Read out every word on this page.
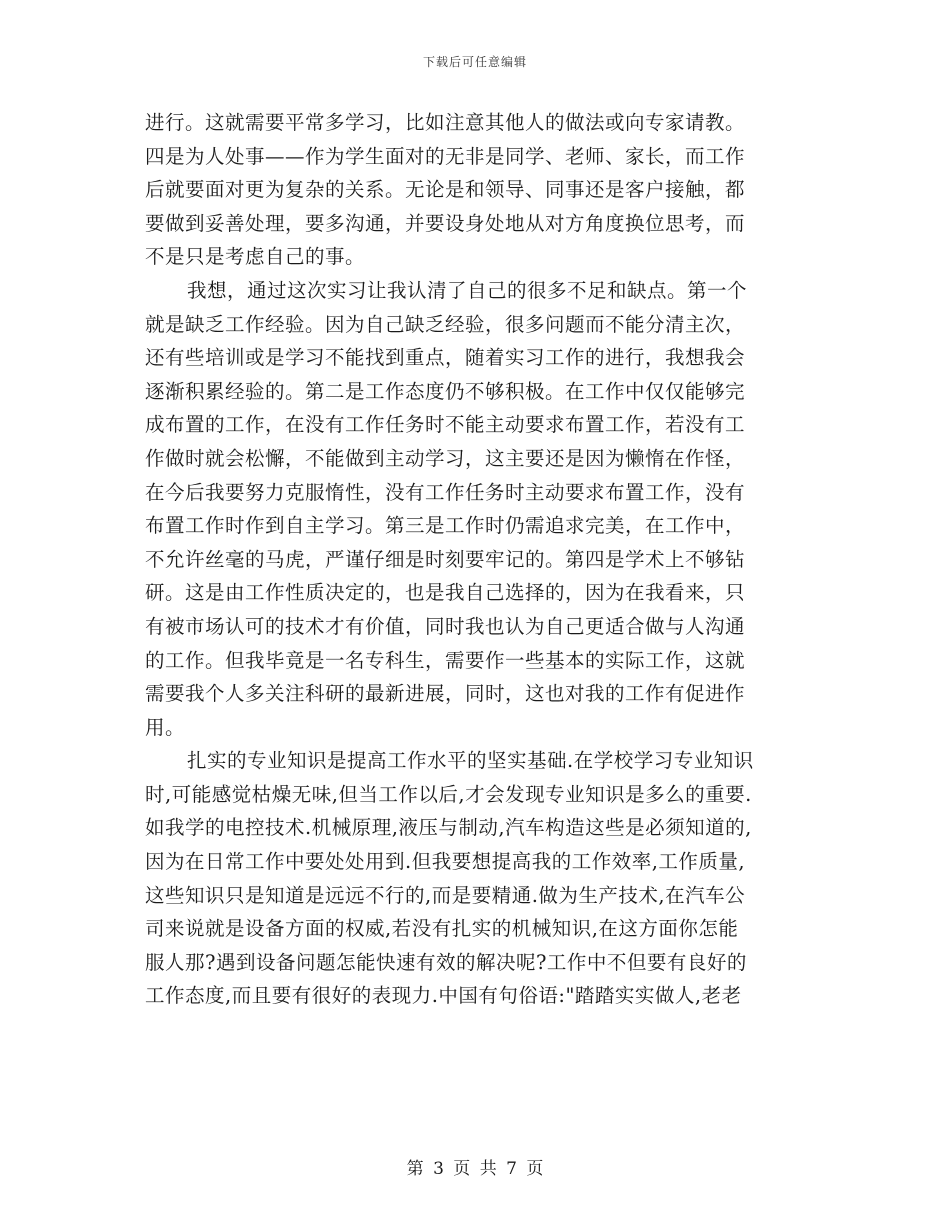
下载后可任意编辑
进行。这就需要平常多学习，比如注意其他人的做法或向专家请教。
四是为人处事——作为学生面对的无非是同学、老师、家长，而工作
后就要面对更为复杂的关系。无论是和领导、同事还是客户接触，都
要做到妥善处理，要多沟通，并要设身处地从对方角度换位思考，而
不是只是考虑自己的事。
我想，通过这次实习让我认清了自己的很多不足和缺点。第一个
就是缺乏工作经验。因为自己缺乏经验，很多问题而不能分清主次，
还有些培训或是学习不能找到重点，随着实习工作的进行，我想我会
逐渐积累经验的。第二是工作态度仍不够积极。在工作中仅仅能够完
成布置的工作，在没有工作任务时不能主动要求布置工作，若没有工
作做时就会松懈，不能做到主动学习，这主要还是因为懒惰在作怪，
在今后我要努力克服惰性，没有工作任务时主动要求布置工作，没有
布置工作时作到自主学习。第三是工作时仍需追求完美，在工作中，
不允许丝毫的马虎，严谨仔细是时刻要牢记的。第四是学术上不够钻
研。这是由工作性质决定的，也是我自己选择的，因为在我看来，只
有被市场认可的技术才有价值，同时我也认为自己更适合做与人沟通
的工作。但我毕竟是一名专科生，需要作一些基本的实际工作，这就
需要我个人多关注科研的最新进展，同时，这也对我的工作有促进作
用。
扎实的专业知识是提高工作水平的坚实基础.在学校学习专业知识
时,可能感觉枯燥无味,但当工作以后,才会发现专业知识是多么的重要.
如我学的电控技术.机械原理,液压与制动,汽车构造这些是必须知道的,
因为在日常工作中要处处用到.但我要想提高我的工作效率,工作质量,
这些知识只是知道是远远不行的,而是要精通.做为生产技术,在汽车公
司来说就是设备方面的权威,若没有扎实的机械知识,在这方面你怎能
服人那?遇到设备问题怎能快速有效的解决呢?工作中不但要有良好的
工作态度,而且要有很好的表现力.中国有句俗语:"踏踏实实做人,老老
第 3 页 共 7 页
